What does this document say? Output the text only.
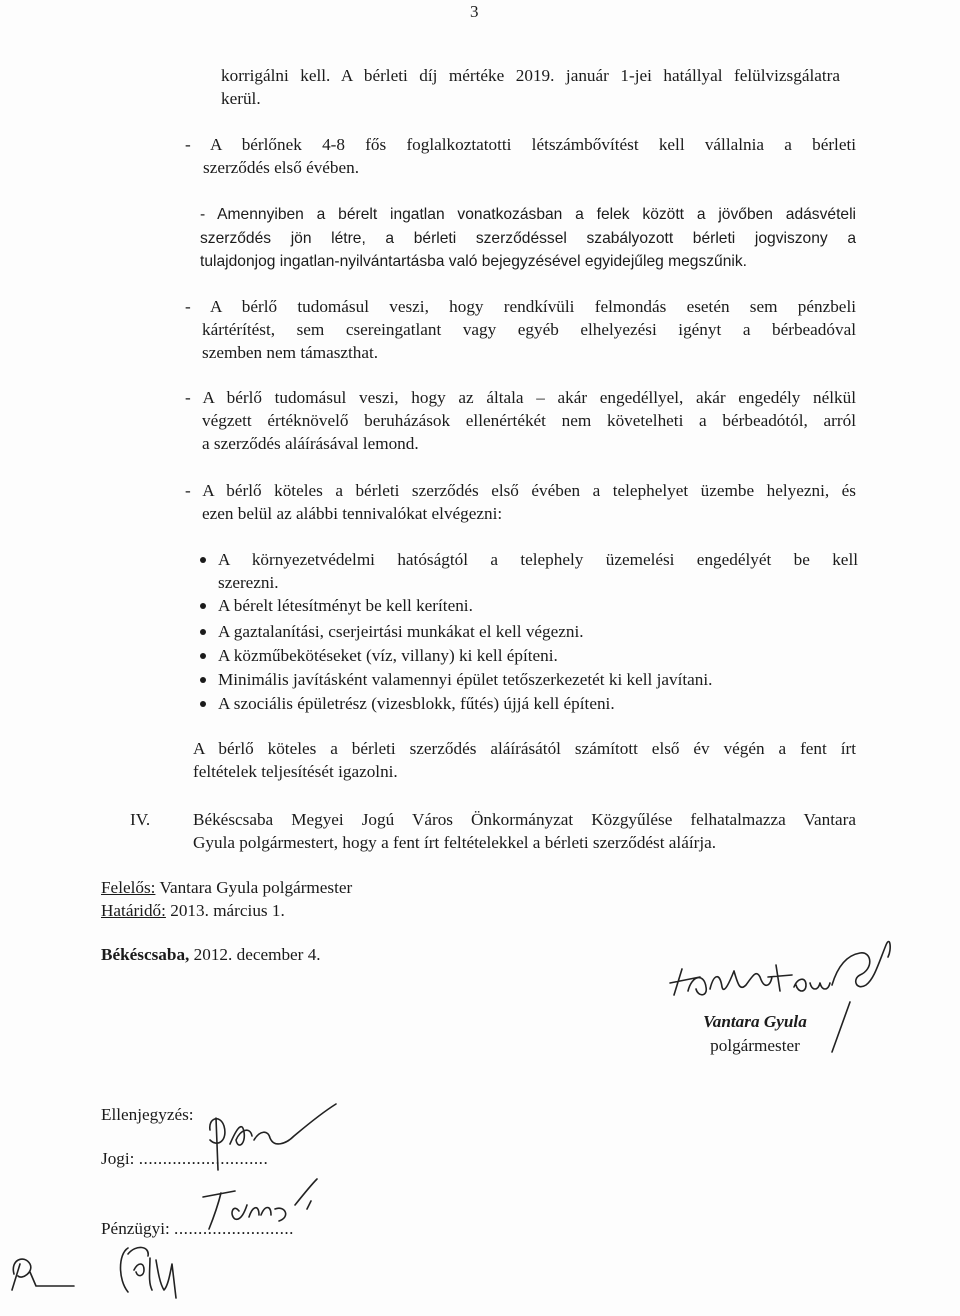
3
korrigálni kell. A bérleti díj mértéke 2019. január 1-jei hatállyal felülvizsgálatra
kerül.
- A bérlőnek 4-8 fős foglalkoztatotti létszámbővítést kell vállalnia a bérleti
szerződés első évében.
- Amennyiben a bérelt ingatlan vonatkozásban a felek között a jövőben adásvételi
szerződés jön létre, a bérleti szerződéssel szabályozott bérleti jogviszony a
tulajdonjog ingatlan-nyilvántartásba való bejegyzésével egyidejűleg megszűnik.
- A bérlő tudomásul veszi, hogy rendkívüli felmondás esetén sem pénzbeli
kártérítést, sem csereingatlant vagy egyéb elhelyezési igényt a bérbeadóval
szemben nem támaszthat.
- A bérlő tudomásul veszi, hogy az általa – akár engedéllyel, akár engedély nélkül
végzett értéknövelő beruházások ellenértékét nem követelheti a bérbeadótól, arról
a szerződés aláírásával lemond.
- A bérlő köteles a bérleti szerződés első évében a telephelyet üzembe helyezni, és
ezen belül az alábbi tennivalókat elvégezni:
A környezetvédelmi hatóságtól a telephely üzemelési engedélyét be kell
szerezni.
A bérelt létesítményt be kell keríteni.
A gaztalanítási, cserjeirtási munkákat el kell végezni.
A közműbekötéseket (víz, villany) ki kell építeni.
Minimális javításként valamennyi épület tetőszerkezetét ki kell javítani.
A szociális épületrész (vizesblokk, fűtés) újjá kell építeni.
A bérlő köteles a bérleti szerződés aláírásától számított első év végén a fent írt
feltételek teljesítését igazolni.
IV.	Békéscsaba Megyei Jogú Város Önkormányzat Közgyűlése felhatalmazza Vantara
Gyula polgármestert, hogy a fent írt feltételekkel a bérleti szerződést aláírja.
Felelős: Vantara Gyula polgármester
Határidő: 2013. március 1.
Békéscsaba, 2012. december 4.
Vantara Gyula
polgármester
Ellenjegyzés:
Jogi: ...........................
Pénzügyi: .........................
